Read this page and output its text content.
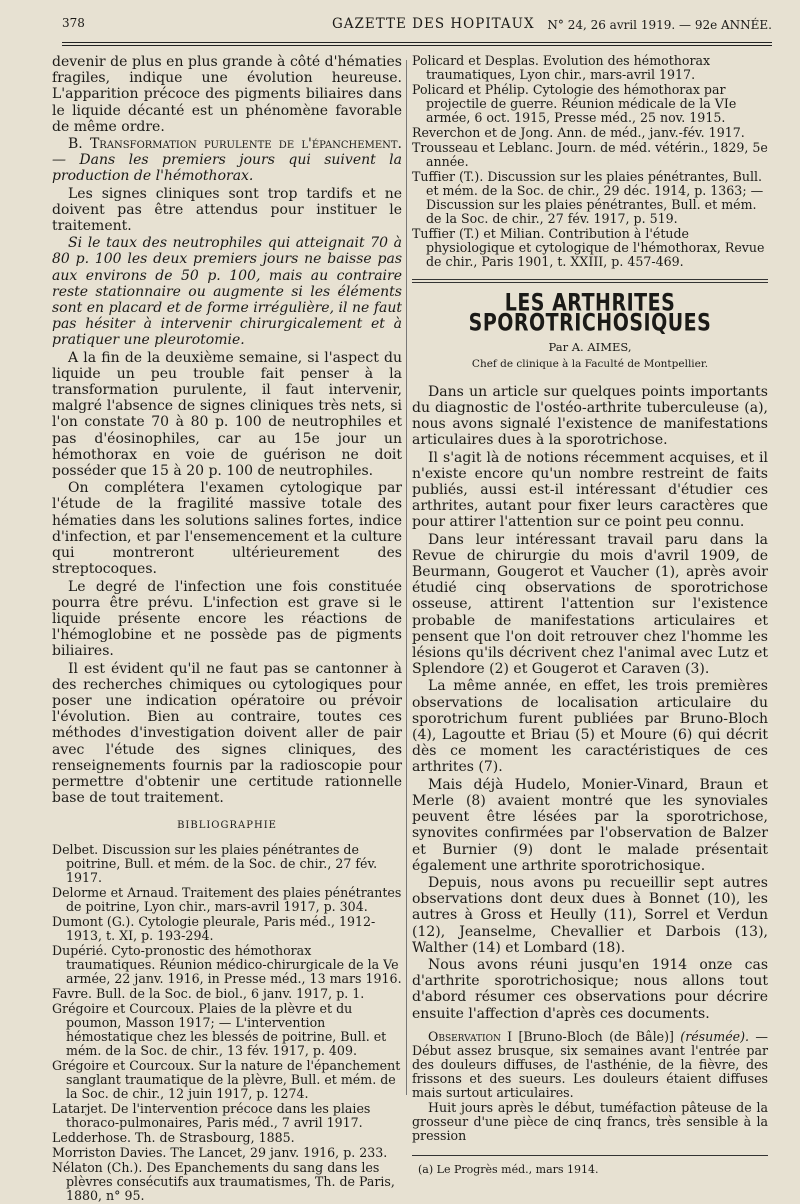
378	GAZETTE DES HOPITAUX N° 24, 26 avril 1919. — 92e ANNÉE.

devenir de plus en plus grande à côté d'hématies fragiles, indique une évolution heureuse. L'apparition précoce des pigments biliaires dans le liquide décanté est un phénomène favorable de même ordre.

B. Transformation purulente de l'épanchement. — Dans les premiers jours qui suivent la production de l'hémothorax.

Les signes cliniques sont trop tardifs et ne doivent pas être attendus pour instituer le traitement.

Si le taux des neutrophiles qui atteignait 70 à 80 p. 100 les deux premiers jours ne baisse pas aux environs de 50 p. 100, mais au contraire reste stationnaire ou augmente si les éléments sont en placard et de forme irrégulière, il ne faut pas hésiter à intervenir chirurgicalement et à pratiquer une pleurotomie.

A la fin de la deuxième semaine, si l'aspect du liquide un peu trouble fait penser à la transformation purulente, il faut intervenir, malgré l'absence de signes cliniques très nets, si l'on constate 70 à 80 p. 100 de neutrophiles et pas d'éosinophiles, car au 15e jour un hémothorax en voie de guérison ne doit posséder que 15 à 20 p. 100 de neutrophiles.

On complétera l'examen cytologique par l'étude de la fragilité massive totale des hématies dans les solutions salines fortes, indice d'infection, et par l'ensemencement et la culture qui montreront ultérieurement des streptocoques.

Le degré de l'infection une fois constituée pourra être prévu. L'infection est grave si le liquide présente encore les réactions de l'hémoglobine et ne possède pas de pigments biliaires.

Il est évident qu'il ne faut pas se cantonner à des recherches chimiques ou cytologiques pour poser une indication opératoire ou prévoir l'évolution. Bien au contraire, toutes ces méthodes d'investigation doivent aller de pair avec l'étude des signes cliniques, des renseignements fournis par la radioscopie pour permettre d'obtenir une certitude rationnelle base de tout traitement.

BIBLIOGRAPHIE
Delbet. Discussion sur les plaies pénétrantes de poitrine, Bull. et mém. de la Soc. de chir., 27 fév. 1917.
Delorme et Arnaud. Traitement des plaies pénétrantes de poitrine, Lyon chir., mars-avril 1917, p. 304.
Dumont (G.). Cytologie pleurale, Paris méd., 1912-1913, t. XI, p. 193-294.
Dupérié. Cyto-pronostic des hémothorax traumatiques. Réunion médico-chirurgicale de la Ve armée, 22 janv. 1916, in Presse méd., 13 mars 1916.
Favre. Bull. de la Soc. de biol., 6 janv. 1917, p. 1.
Grégoire et Courcoux. Plaies de la plèvre et du poumon, Masson 1917; — L'intervention hémostatique chez les blessés de poitrine, Bull. et mém. de la Soc. de chir., 13 fév. 1917, p. 409.
Grégoire et Courcoux. Sur la nature de l'épanchement sanglant traumatique de la plèvre, Bull. et mém. de la Soc. de chir., 12 juin 1917, p. 1274.
Latarjet. De l'intervention précoce dans les plaies thoraco-pulmonaires, Paris méd., 7 avril 1917.
Ledderhose. Th. de Strasbourg, 1885.
Morriston Davies. The Lancet, 29 janv. 1916, p. 233.
Nélaton (Ch.). Des Epanchements du sang dans les plèvres consécutifs aux traumatismes, Th. de Paris, 1880, n° 95.
Policard et Desplas. Evolution des hémothorax traumatiques, Lyon chir., mars-avril 1917.
Policard et Phélip. Cytologie des hémothorax par projectile de guerre. Réunion médicale de la VIe armée, 6 oct. 1915, Presse méd., 25 nov. 1915.
Reverchon et de Jong. Ann. de méd., janv.-fév. 1917.
Trousseau et Leblanc. Journ. de méd. vétérin., 1829, 5e année.
Tuffier (T.). Discussion sur les plaies pénétrantes, Bull. et mém. de la Soc. de chir., 29 déc. 1914, p. 1363; — Discussion sur les plaies pénétrantes, Bull. et mém. de la Soc. de chir., 27 fév. 1917, p. 519.
Tuffier (T.) et Milian. Contribution à l'étude physiologique et cytologique de l'hémothorax, Revue de chir., Paris 1901, t. XXIII, p. 457-469.
LES ARTHRITES SPOROTRICHOSIQUES
Par A. AIMES,
Chef de clinique à la Faculté de Montpellier.

Dans un article sur quelques points importants du diagnostic de l'ostéo-arthrite tuberculeuse (a), nous avons signalé l'existence de manifestations articulaires dues à la sporotrichose.

Il s'agit là de notions récemment acquises, et il n'existe encore qu'un nombre restreint de faits publiés, aussi est-il intéressant d'étudier ces arthrites, autant pour fixer leurs caractères que pour attirer l'attention sur ce point peu connu.

Dans leur intéressant travail paru dans la Revue de chirurgie du mois d'avril 1909, de Beurmann, Gougerot et Vaucher (1), après avoir étudié cinq observations de sporotrichose osseuse, attirent l'attention sur l'existence probable de manifestations articulaires et pensent que l'on doit retrouver chez l'homme les lésions qu'ils décrivent chez l'animal avec Lutz et Splendore (2) et Gougerot et Caraven (3).

La même année, en effet, les trois premières observations de localisation articulaire du sporotrichum furent publiées par Bruno-Bloch (4), Lagoutte et Briau (5) et Moure (6) qui décrit dès ce moment les caractéristiques de ces arthrites (7).

Mais déjà Hudelo, Monier-Vinard, Braun et Merle (8) avaient montré que les synoviales peuvent être lésées par la sporotrichose, synovites confirmées par l'observation de Balzer et Burnier (9) dont le malade présentait également une arthrite sporotrichosique.

Depuis, nous avons pu recueillir sept autres observations dont deux dues à Bonnet (10), les autres à Gross et Heully (11), Sorrel et Verdun (12), Jeanselme, Chevallier et Darbois (13), Walther (14) et Lombard (18).

Nous avons réuni jusqu'en 1914 onze cas d'arthrite sporotrichosique; nous allons tout d'abord résumer ces observations pour décrire ensuite l'affection d'après ces documents.

Observation I [Bruno-Bloch (de Bâle)] (résumée). — Début assez brusque, six semaines avant l'entrée par des douleurs diffuses, de l'asthénie, de la fièvre, des frissons et des sueurs. Les douleurs étaient diffuses mais surtout articulaires.

Huit jours après le début, tuméfaction pâteuse de la grosseur d'une pièce de cinq francs, très sensible à la pression

(a) Le Progrès méd., mars 1914.
